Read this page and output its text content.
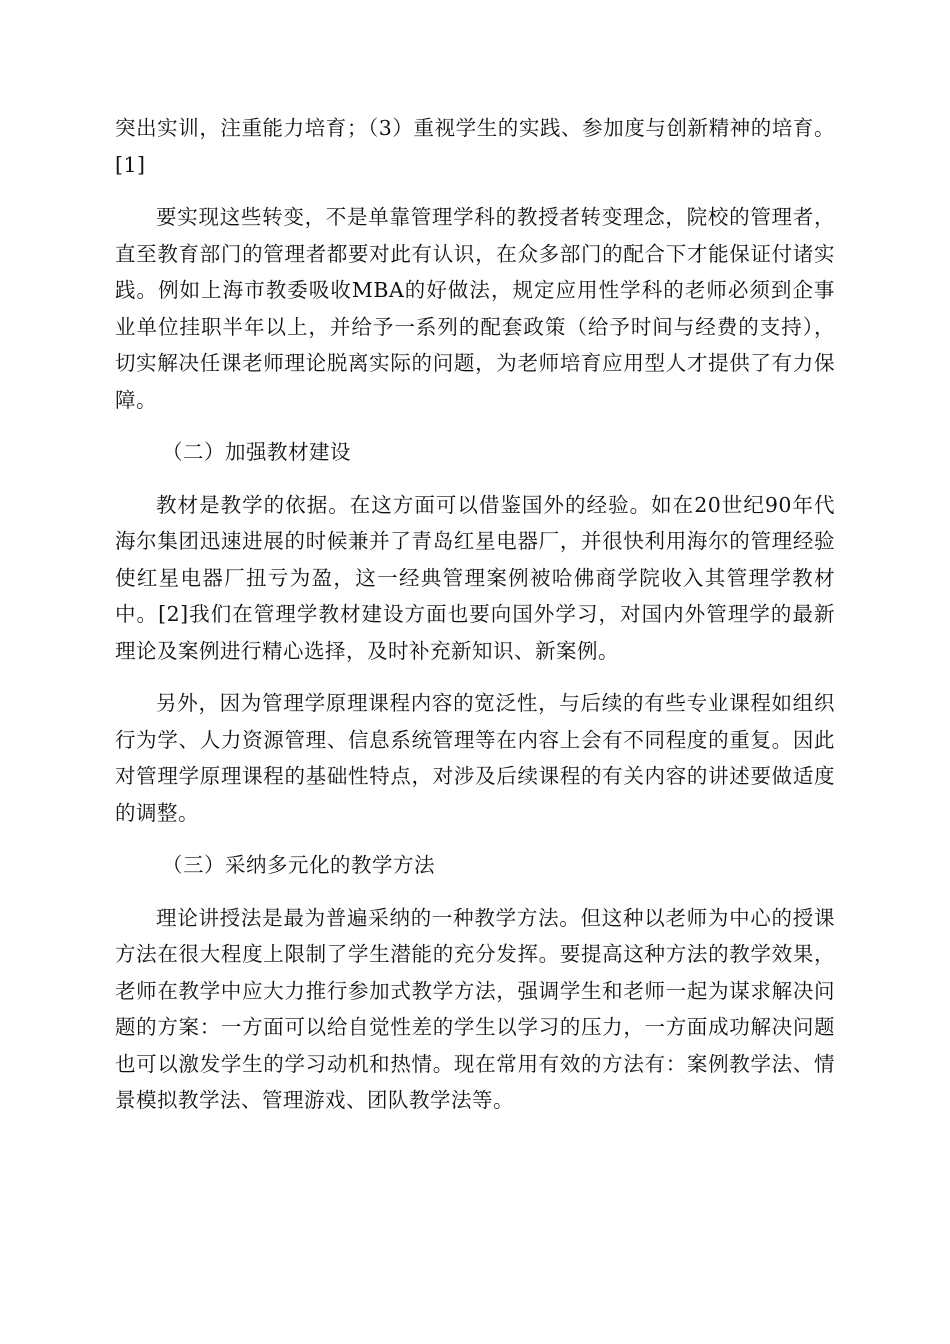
突出实训，注重能力培育；（3）重视学生的实践、参加度与创新精神的培育。[1]

要实现这些转变，不是单靠管理学科的教授者转变理念，院校的管理者，直至教育部门的管理者都要对此有认识，在众多部门的配合下才能保证付诸实践。例如上海市教委吸收MBA的好做法，规定应用性学科的老师必须到企事业单位挂职半年以上，并给予一系列的配套政策（给予时间与经费的支持），切实解决任课老师理论脱离实际的问题，为老师培育应用型人才提供了有力保障。

（二）加强教材建设

教材是教学的依据。在这方面可以借鉴国外的经验。如在20世纪90年代海尔集团迅速进展的时候兼并了青岛红星电器厂，并很快利用海尔的管理经验使红星电器厂扭亏为盈，这一经典管理案例被哈佛商学院收入其管理学教材中。[2]我们在管理学教材建设方面也要向国外学习，对国内外管理学的最新理论及案例进行精心选择，及时补充新知识、新案例。

另外，因为管理学原理课程内容的宽泛性，与后续的有些专业课程如组织行为学、人力资源管理、信息系统管理等在内容上会有不同程度的重复。因此对管理学原理课程的基础性特点，对涉及后续课程的有关内容的讲述要做适度的调整。

（三）采纳多元化的教学方法

理论讲授法是最为普遍采纳的一种教学方法。但这种以老师为中心的授课方法在很大程度上限制了学生潜能的充分发挥。要提高这种方法的教学效果，老师在教学中应大力推行参加式教学方法，强调学生和老师一起为谋求解决问题的方案：一方面可以给自觉性差的学生以学习的压力，一方面成功解决问题也可以激发学生的学习动机和热情。现在常用有效的方法有：案例教学法、情景模拟教学法、管理游戏、团队教学法等。
